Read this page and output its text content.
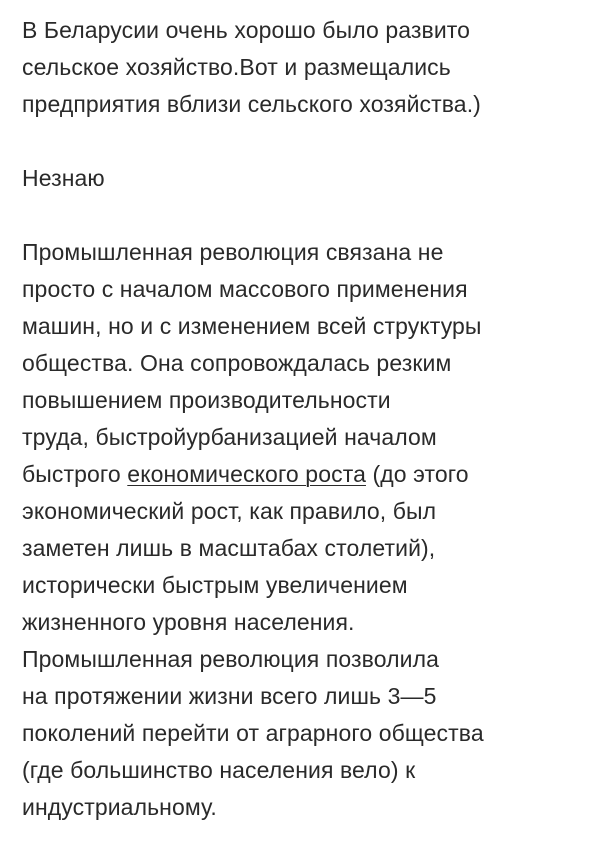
В Беларусии очень хорошо было развито
сельское хозяйство.Вот и размещались
предприятия вблизи сельского хозяйства.)
Незнаю
Промышленная революция связана не
просто с началом массового применения
машин, но и с изменением всей структуры
общества. Она сопровождалась резким
повышением производительности
труда, быстройурбанизацией началом
быстрого економического роста (до этого
экономический рост, как правило, был
заметен лишь в масштабах столетий),
исторически быстрым увеличением
жизненного уровня населения.
Промышленная революция позволила
на протяжении жизни всего лишь 3—5
поколений перейти от аграрного общества
(где большинство населения вело) к
индустриальному.
